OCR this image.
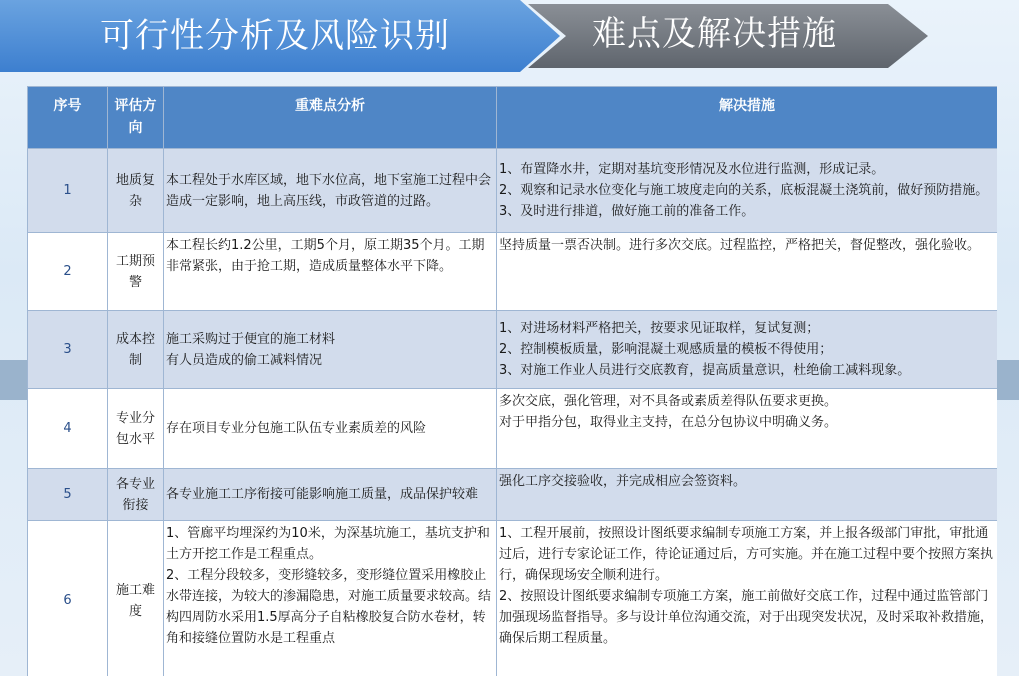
可行性分析及风险识别	难点及解决措施
序号	评估方向	重难点分析	解决措施
1	地质复杂	本工程处于水库区域，地下水位高，地下室施工过程中会造成一定影响，地上高压线，市政管道的过路。	1、布置降水井，定期对基坑变形情况及水位进行监测，形成记录。
2、观察和记录水位变化与施工坡度走向的关系，底板混凝土浇筑前，做好预防措施。
3、及时进行排道，做好施工前的准备工作。

2	工期预警	本工程长约1.2公里，工期5个月，原工期35个月。工期非常紧张，由于抢工期，造成质量整体水平下降。	坚持质量一票否决制。进行多次交底。过程监控，严格把关，督促整改，强化验收。

3	成本控制	施工采购过于便宜的施工材料
有人员造成的偷工减料情况	1、对进场材料严格把关，按要求见证取样，复试复测；
2、控制模板质量，影响混凝土观感质量的模板不得使用；
3、对施工作业人员进行交底教育，提高质量意识，杜绝偷工减料现象。

4	专业分包水平	存在项目专业分包施工队伍专业素质差的风险	多次交底，强化管理，对不具备或素质差得队伍要求更换。
对于甲指分包，取得业主支持，在总分包协议中明确义务。

5	各专业衔接	各专业施工工序衔接可能影响施工质量，成品保护较难	强化工序交接验收，并完成相应会签资料。

6	施工难度	1、管廊平均埋深约为10米，为深基坑施工，基坑支护和土方开挖工作是工程重点。
2、工程分段较多，变形缝较多，变形缝位置采用橡胶止水带连接，为较大的渗漏隐患，对施工质量要求较高。结构四周防水采用1.5厚高分子自粘橡胶复合防水卷材，转角和接缝位置防水是工程重点	1、工程开展前，按照设计图纸要求编制专项施工方案，并上报各级部门审批，审批通过后，进行专家论证工作，待论证通过后，方可实施。并在施工过程中要个按照方案执行，确保现场安全顺利进行。
2、按照设计图纸要求编制专项施工方案，施工前做好交底工作，过程中通过监管部门加强现场监督指导。多与设计单位沟通交流，对于出现突发状况，及时采取补救措施，确保后期工程质量。
